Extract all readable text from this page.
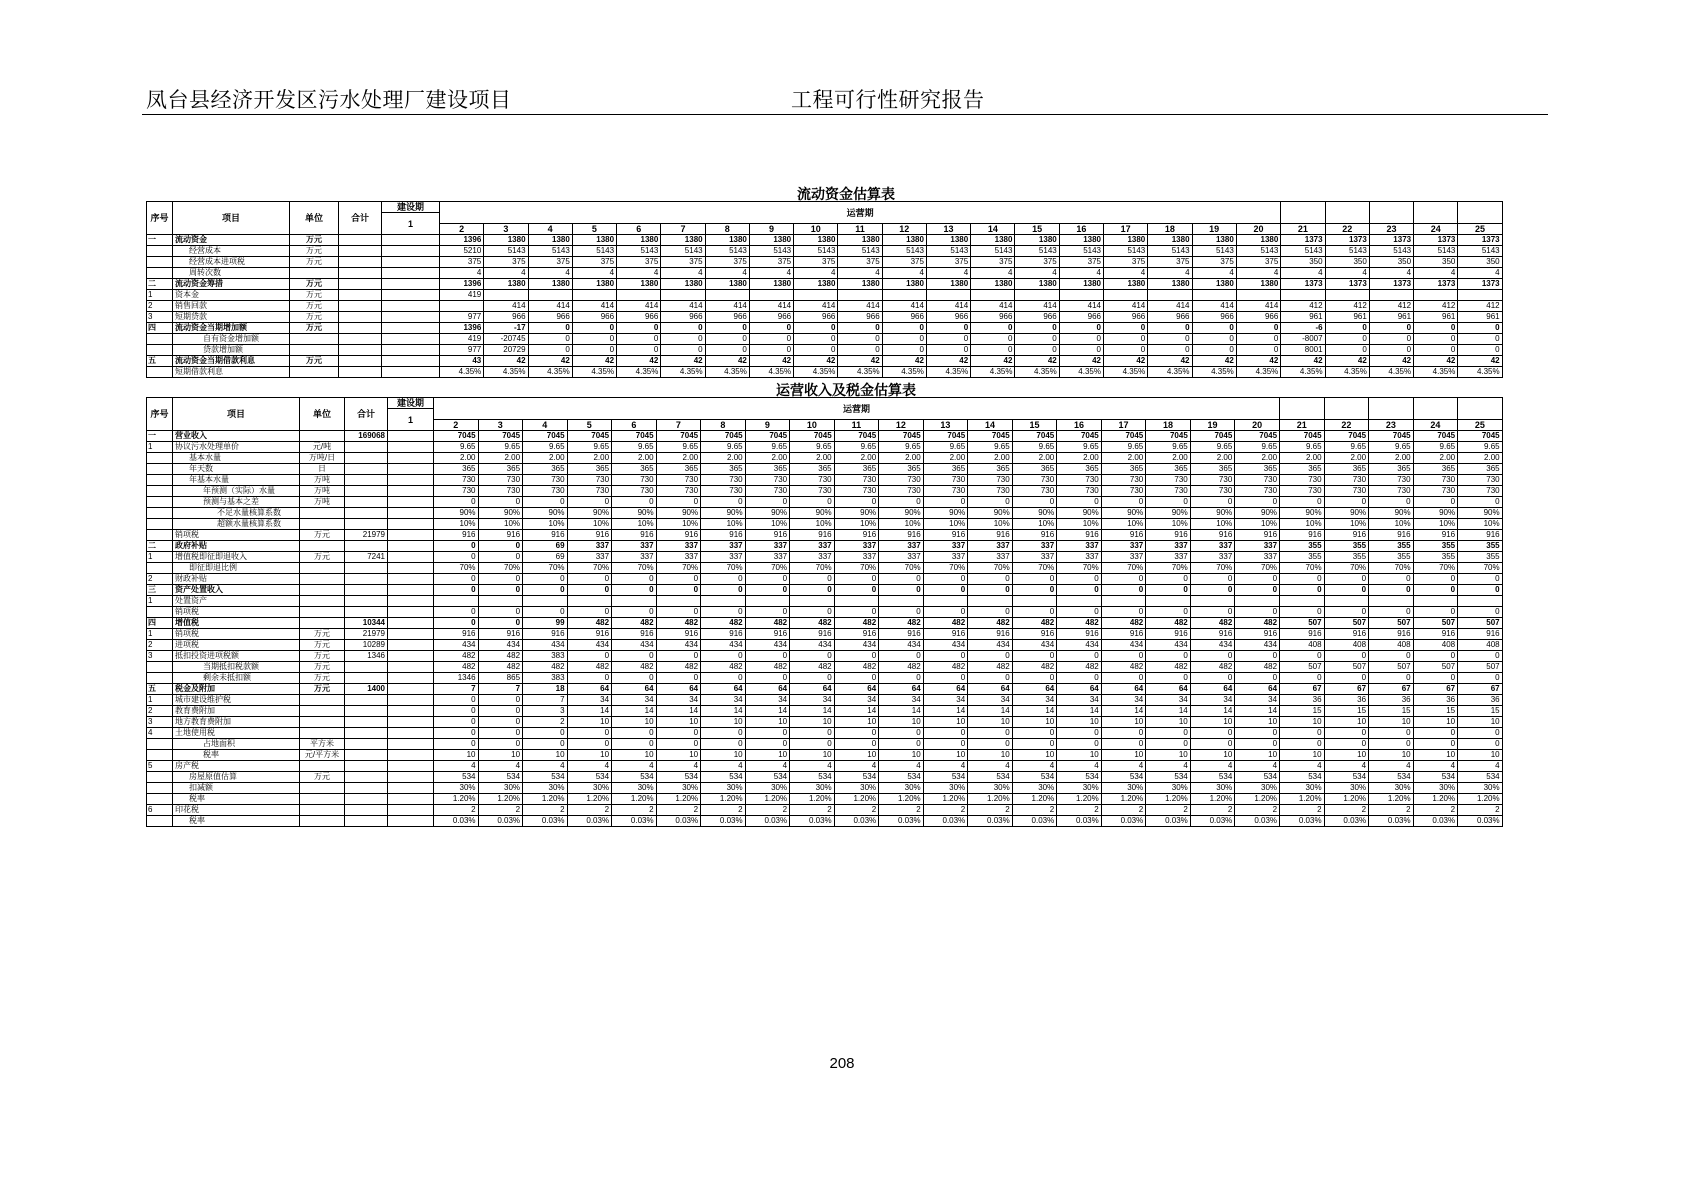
凤台县经济开发区污水处理厂建设项目	工程可行性研究报告
流动资金估算表
序号	项目	单位	合计	建设期	运营期																							
				1																								
					2	3	4	5	6	7	8	9	10	11	12	13	14	15	16	17	18	19	20	21	22	23	24	25
一	流动资金	万元			1396	1380	1380	1380	1380	1380	1380	1380	1380	1380	1380	1380	1380	1380	1380	1380	1380	1380	1380	1373	1373	1373	1373	1373
	经营成本	万元			5210	5143	5143	5143	5143	5143	5143	5143	5143	5143	5143	5143	5143	5143	5143	5143	5143	5143	5143	5143	5143	5143	5143	5143
	经营成本进项税	万元			375	375	375	375	375	375	375	375	375	375	375	375	375	375	375	375	375	375	375	350	350	350	350	350
	周转次数				4	4	4	4	4	4	4	4	4	4	4	4	4	4	4	4	4	4	4	4	4	4	4	4
二	流动资金筹措	万元			1396	1380	1380	1380	1380	1380	1380	1380	1380	1380	1380	1380	1380	1380	1380	1380	1380	1380	1380	1373	1373	1373	1373	1373
1	资本金	万元			419																							
2	销售回款	万元				414	414	414	414	414	414	414	414	414	414	414	414	414	414	414	414	414	414	412	412	412	412	412
3	短期贷款	万元			977	966	966	966	966	966	966	966	966	966	966	966	966	966	966	966	966	966	966	961	961	961	961	961
四	流动资金当期增加额	万元			1396	-17	0	0	0	0	0	0	0	0	0	0	0	0	0	0	0	0	0	-6	0	0	0	0
	自有资金增加额				419	-20745	0	0	0	0	0	0	0	0	0	0	0	0	0	0	0	0	0	-8007	0	0	0	0
	贷款增加额				977	20729	0	0	0	0	0	0	0	0	0	0	0	0	0	0	0	0	0	8001	0	0	0	0
五	流动资金当期借款利息	万元			43	42	42	42	42	42	42	42	42	42	42	42	42	42	42	42	42	42	42	42	42	42	42	42
	短期借款利息				4.35%	4.35%	4.35%	4.35%	4.35%	4.35%	4.35%	4.35%	4.35%	4.35%	4.35%	4.35%	4.35%	4.35%	4.35%	4.35%	4.35%	4.35%	4.35%	4.35%	4.35%	4.35%	4.35%	4.35%
运营收入及税金估算表
序号	项目	单位	合计	建设期	运营期																							
				1																								
					2	3	4	5	6	7	8	9	10	11	12	13	14	15	16	17	18	19	20	21	22	23	24	25
一	营业收入		169068		7045	7045	7045	7045	7045	7045	7045	7045	7045	7045	7045	7045	7045	7045	7045	7045	7045	7045	7045	7045	7045	7045	7045	7045
1	协议污水处理单价	元/吨			9.65	9.65	9.65	9.65	9.65	9.65	9.65	9.65	9.65	9.65	9.65	9.65	9.65	9.65	9.65	9.65	9.65	9.65	9.65	9.65	9.65	9.65	9.65	9.65
	基本水量	万吨/日			2.00	2.00	2.00	2.00	2.00	2.00	2.00	2.00	2.00	2.00	2.00	2.00	2.00	2.00	2.00	2.00	2.00	2.00	2.00	2.00	2.00	2.00	2.00	2.00
	年天数	日			365	365	365	365	365	365	365	365	365	365	365	365	365	365	365	365	365	365	365	365	365	365	365	365
	年基本水量	万吨			730	730	730	730	730	730	730	730	730	730	730	730	730	730	730	730	730	730	730	730	730	730	730	730
	年预测（实际）水量	万吨			730	730	730	730	730	730	730	730	730	730	730	730	730	730	730	730	730	730	730	730	730	730	730	730
	预测与基本之差	万吨			0	0	0	0	0	0	0	0	0	0	0	0	0	0	0	0	0	0	0	0	0	0	0	0
	不足水量核算系数				90%	90%	90%	90%	90%	90%	90%	90%	90%	90%	90%	90%	90%	90%	90%	90%	90%	90%	90%	90%	90%	90%	90%	90%
	超额水量核算系数				10%	10%	10%	10%	10%	10%	10%	10%	10%	10%	10%	10%	10%	10%	10%	10%	10%	10%	10%	10%	10%	10%	10%	10%
	销项税	万元	21979		916	916	916	916	916	916	916	916	916	916	916	916	916	916	916	916	916	916	916	916	916	916	916	916
二	政府补贴				0	0	69	337	337	337	337	337	337	337	337	337	337	337	337	337	337	337	337	355	355	355	355	355
1	增值税即征即退收入	万元	7241		0	0	69	337	337	337	337	337	337	337	337	337	337	337	337	337	337	337	337	355	355	355	355	355
	即征即退比例				70%	70%	70%	70%	70%	70%	70%	70%	70%	70%	70%	70%	70%	70%	70%	70%	70%	70%	70%	70%	70%	70%	70%	70%
2	财政补贴				0	0	0	0	0	0	0	0	0	0	0	0	0	0	0	0	0	0	0	0	0	0	0	0
三	资产处置收入				0	0	0	0	0	0	0	0	0	0	0	0	0	0	0	0	0	0	0	0	0	0	0	0
1	处置资产																											
	销项税				0	0	0	0	0	0	0	0	0	0	0	0	0	0	0	0	0	0	0	0	0	0	0	0
四	增值税		10344		0	0	99	482	482	482	482	482	482	482	482	482	482	482	482	482	482	482	482	507	507	507	507	507
1	销项税	万元	21979		916	916	916	916	916	916	916	916	916	916	916	916	916	916	916	916	916	916	916	916	916	916	916	916
2	进项税	万元	10289		434	434	434	434	434	434	434	434	434	434	434	434	434	434	434	434	434	434	434	408	408	408	408	408
3	抵扣投资进项税额	万元	1346		482	482	383	0	0	0	0	0	0	0	0	0	0	0	0	0	0	0	0	0	0	0	0	0
	当期抵扣税款额	万元			482	482	482	482	482	482	482	482	482	482	482	482	482	482	482	482	482	482	482	507	507	507	507	507
	剩余未抵扣额	万元			1346	865	383	0	0	0	0	0	0	0	0	0	0	0	0	0	0	0	0	0	0	0	0	0
五	税金及附加	万元	1400		7	7	18	64	64	64	64	64	64	64	64	64	64	64	64	64	64	64	64	67	67	67	67	67
1	城市建设维护税				0	0	7	34	34	34	34	34	34	34	34	34	34	34	34	34	34	34	34	36	36	36	36	36
2	教育费附加				0	0	3	14	14	14	14	14	14	14	14	14	14	14	14	14	14	14	14	15	15	15	15	15
3	地方教育费附加				0	0	2	10	10	10	10	10	10	10	10	10	10	10	10	10	10	10	10	10	10	10	10	10
4	土地使用税				0	0	0	0	0	0	0	0	0	0	0	0	0	0	0	0	0	0	0	0	0	0	0	0
	占地面积	平方米			0	0	0	0	0	0	0	0	0	0	0	0	0	0	0	0	0	0	0	0	0	0	0	0
	税率	元/平方米			10	10	10	10	10	10	10	10	10	10	10	10	10	10	10	10	10	10	10	10	10	10	10	10
5	房产税				4	4	4	4	4	4	4	4	4	4	4	4	4	4	4	4	4	4	4	4	4	4	4	4
	房屋原值估算	万元			534	534	534	534	534	534	534	534	534	534	534	534	534	534	534	534	534	534	534	534	534	534	534	534
	扣减额				30%	30%	30%	30%	30%	30%	30%	30%	30%	30%	30%	30%	30%	30%	30%	30%	30%	30%	30%	30%	30%	30%	30%	30%
	税率				1.20%	1.20%	1.20%	1.20%	1.20%	1.20%	1.20%	1.20%	1.20%	1.20%	1.20%	1.20%	1.20%	1.20%	1.20%	1.20%	1.20%	1.20%	1.20%	1.20%	1.20%	1.20%	1.20%	1.20%
6	印花税				2	2	2	2	2	2	2	2	2	2	2	2	2	2	2	2	2	2	2	2	2	2	2	2
	税率				0.03%	0.03%	0.03%	0.03%	0.03%	0.03%	0.03%	0.03%	0.03%	0.03%	0.03%	0.03%	0.03%	0.03%	0.03%	0.03%	0.03%	0.03%	0.03%	0.03%	0.03%	0.03%	0.03%	0.03%
208
